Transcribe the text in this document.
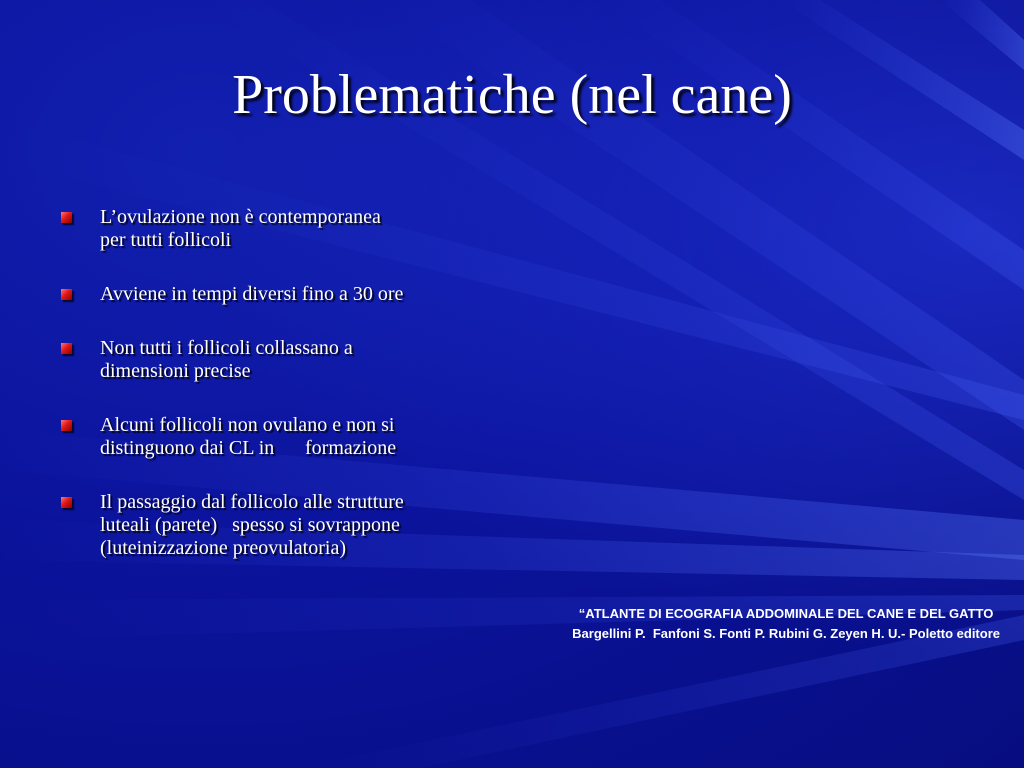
Problematiche (nel cane)
L’ovulazione non è contemporanea
per tutti follicoli
Avviene in tempi diversi fino a 30 ore
Non tutti i follicoli collassano a
dimensioni precise
Alcuni follicoli non ovulano e non si
distinguono dai CL in	formazione
Il passaggio dal follicolo alle strutture
luteali (parete)   spesso si sovrappone
(luteinizzazione preovulatoria)
“ATLANTE DI ECOGRAFIA ADDOMINALE DEL CANE E DEL GATTO
Bargellini P.  Fanfoni S. Fonti P. Rubini G. Zeyen H. U.- Poletto editore
